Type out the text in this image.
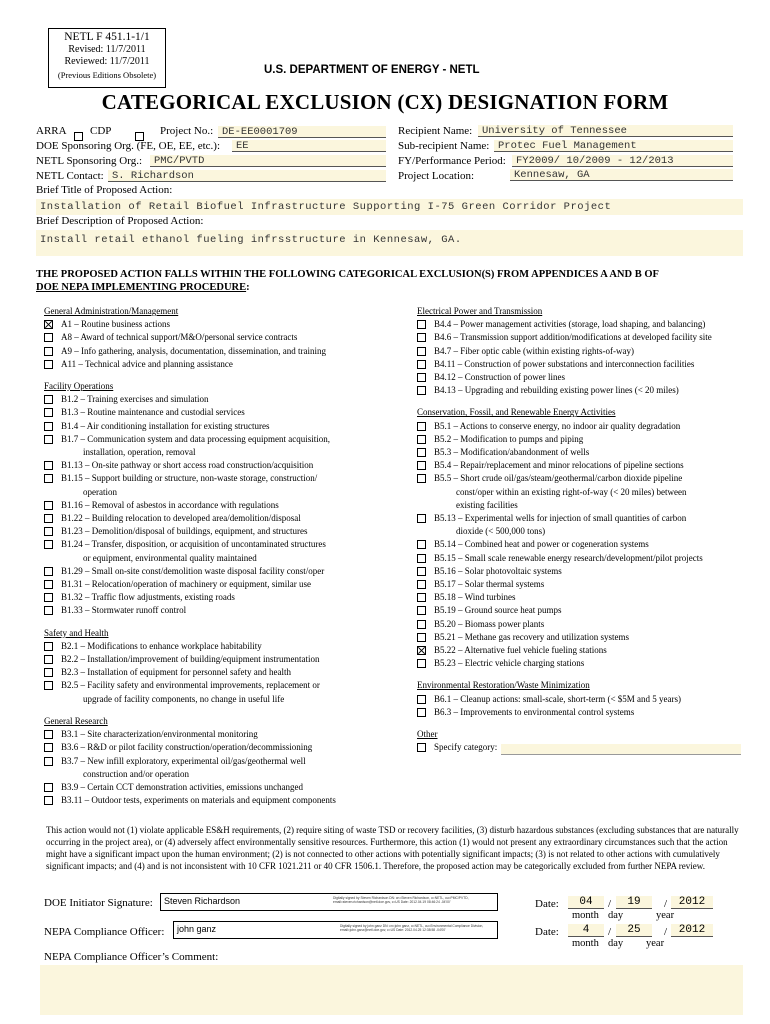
NETL F 451.1-1/1
Revised: 11/7/2011
Reviewed: 11/7/2011
(Previous Editions Obsolete)	U.S. DEPARTMENT OF ENERGY - NETL
CATEGORICAL EXCLUSION (CX) DESIGNATION FORM
ARRA
CDP	Project No.: DE-EE0001709
DOE Sponsoring Org. (FE, OE, EE, etc.):	EE
NETL Sponsoring Org.:	PMC/PVTD
NETL Contact: S. Richardson
Recipient Name: University of Tennessee
Sub-recipient Name: Protec Fuel Management
FY/Performance Period: FY2009/ 10/2009 - 12/2013
Project Location:	Kennesaw, GA
Brief Title of Proposed Action:
Installation of Retail Biofuel Infrastructure Supporting I-75 Green Corridor Project
Brief Description of Proposed Action:
Install retail ethanol fueling infrsstructure in Kennesaw, GA.
THE PROPOSED ACTION FALLS WITHIN THE FOLLOWING CATEGORICAL EXCLUSION(S) FROM APPENDICES A AND B OF
DOE NEPA IMPLEMENTING PROCEDURE:
General Administration/Management
A1 – Routine business actions
A8 – Award of technical support/M&O/personal service contracts
A9 – Info gathering, analysis, documentation, dissemination, and training
A11 – Technical advice and planning assistance
Facility Operations
B1.2 – Training exercises and simulation
B1.3 – Routine maintenance and custodial services
B1.4 – Air conditioning installation for existing structures
B1.7 – Communication system and data processing equipment acquisition,
installation, operation, removal
B1.13 – On-site pathway or short access road construction/acquisition
B1.15 – Support building or structure, non-waste storage, construction/
operation
B1.16 – Removal of asbestos in accordance with regulations
B1.22 – Building relocation to developed area/demolition/disposal
B1.23 – Demolition/disposal of buildings, equipment, and structures
B1.24 – Transfer, disposition, or acquisition of uncontaminated structures
or equipment, environmental quality maintained
B1.29 – Small on-site const/demolition waste disposal facility const/oper
B1.31 – Relocation/operation of machinery or equipment, similar use
B1.32 – Traffic flow adjustments, existing roads
B1.33 – Stormwater runoff control
Safety and Health
B2.1 – Modifications to enhance workplace habitability
B2.2 – Installation/improvement of building/equipment instrumentation
B2.3 – Installation of equipment for personnel safety and health
B2.5 – Facility safety and environmental improvements, replacement or
upgrade of facility components, no change in useful life
General Research
B3.1 – Site characterization/environmental monitoring
B3.6 – R&D or pilot facility construction/operation/decommissioning
B3.7 – New infill exploratory, experimental oil/gas/geothermal well
construction and/or operation
B3.9 – Certain CCT demonstration activities, emissions unchanged
B3.11 – Outdoor tests, experiments on materials and equipment components
Electrical Power and Transmission
B4.4 – Power management activities (storage, load shaping, and balancing)
B4.6 – Transmission support addition/modifications at developed facility site
B4.7 – Fiber optic cable (within existing rights-of-way)
B4.11 – Construction of power substations and interconnection facilities
B4.12 – Construction of power lines
B4.13 – Upgrading and rebuilding existing power lines (< 20 miles)
Conservation, Fossil, and Renewable Energy Activities
B5.1 – Actions to conserve energy, no indoor air quality degradation
B5.2 – Modification to pumps and piping
B5.3 – Modification/abandonment of wells
B5.4 – Repair/replacement and minor relocations of pipeline sections
B5.5 – Short crude oil/gas/steam/geothermal/carbon dioxide pipeline
const/oper within an existing right-of-way (< 20 miles) between
existing facilities
B5.13 – Experimental wells for injection of small quantities of carbon
dioxide (< 500,000 tons)
B5.14 – Combined heat and power or cogeneration systems
B5.15 – Small scale renewable energy research/development/pilot projects
B5.16 – Solar photovoltaic systems
B5.17 – Solar thermal systems
B5.18 – Wind turbines
B5.19 – Ground source heat pumps
B5.20 – Biomass power plants
B5.21 – Methane gas recovery and utilization systems
B5.22 – Alternative fuel vehicle fueling stations
B5.23 – Electric vehicle charging stations
Environmental Restoration/Waste Minimization
B6.1 – Cleanup actions: small-scale, short-term (< $5M and 5 years)
B6.3 – Improvements to environmental control systems
Other
Specify category:
This action would not (1) violate applicable ES&H requirements, (2) require siting of waste TSD or recovery facilities, (3) disturb hazardous substances (excluding substances that are naturally occurring in the project area), or (4) adversely affect environmentally sensitive resources. Furthermore, this action (1) would not present any extraordinary circumstances such that the action might have a significant impact upon the human environment; (2) is not connected to other actions with potentially significant impacts; (3) is not related to other actions with cumulatively significant impacts; and (4) and is not inconsistent with 10 CFR 1021.211 or 40 CFR 1506.1. Therefore, the proposed action may be categorically excluded from further NEPA review.
DOE Initiator Signature: Steven Richardson	Digitally signed by Steven Richardson DN: cn=Steven Richardson, o=NETL, ou=PMC/PVTD, email=steven.richardson@netl.doe.gov, c=US Date: 2012.04.19 08:46:24 -04'00'
NEPA Compliance Officer: john ganz	Digitally signed by john ganz DN: cn=john ganz, o=NETL, ou=Environmental Compliance Division, email=john.ganz@netl.doe.gov, c=US Date: 2012.04.25 12:38:58 -04'00'
Date:	04	/	19	/	2012
month day	year
Date:	4	/	25	/	2012
month day year
NEPA Compliance Officer’s Comment:
